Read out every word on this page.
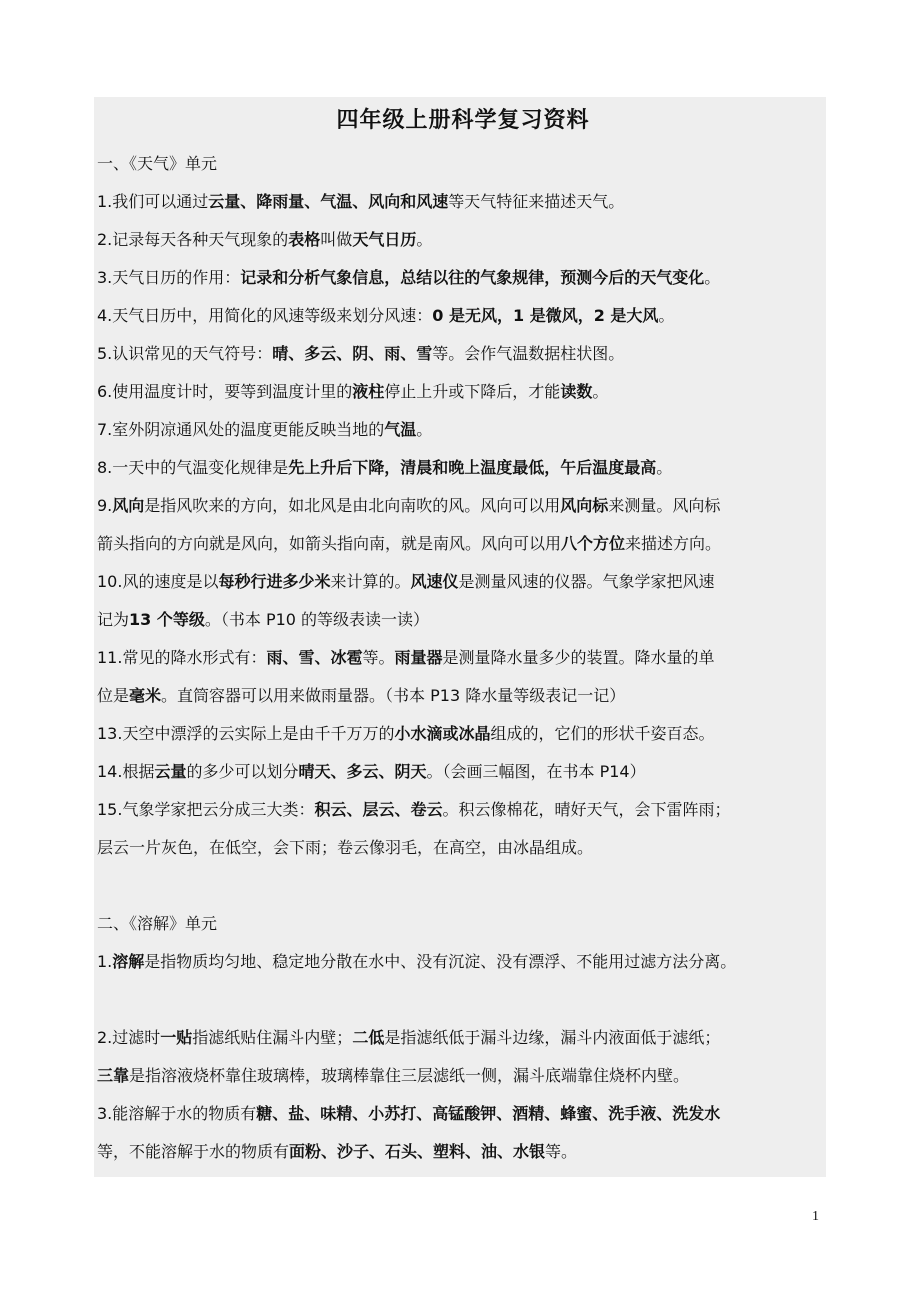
四年级上册科学复习资料
一、《天气》单元
1.我们可以通过云量、降雨量、气温、风向和风速等天气特征来描述天气。
2.记录每天各种天气现象的表格叫做天气日历。
3.天气日历的作用：记录和分析气象信息，总结以往的气象规律，预测今后的天气变化。
4.天气日历中，用简化的风速等级来划分风速：0 是无风，1 是微风，2 是大风。
5.认识常见的天气符号：晴、多云、阴、雨、雪等。会作气温数据柱状图。
6.使用温度计时，要等到温度计里的液柱停止上升或下降后，才能读数。
7.室外阴凉通风处的温度更能反映当地的气温。
8.一天中的气温变化规律是先上升后下降，清晨和晚上温度最低，午后温度最高。
9.风向是指风吹来的方向，如北风是由北向南吹的风。风向可以用风向标来测量。风向标
箭头指向的方向就是风向，如箭头指向南，就是南风。风向可以用八个方位来描述方向。
10.风的速度是以每秒行进多少米来计算的。风速仪是测量风速的仪器。气象学家把风速
记为13 个等级。（书本 P10 的等级表读一读）
11.常见的降水形式有：雨、雪、冰雹等。雨量器是测量降水量多少的装置。降水量的单
位是毫米。直筒容器可以用来做雨量器。（书本 P13 降水量等级表记一记）
13.天空中漂浮的云实际上是由千千万万的小水滴或冰晶组成的，它们的形状千姿百态。
14.根据云量的多少可以划分晴天、多云、阴天。（会画三幅图，在书本 P14）
15.气象学家把云分成三大类：积云、层云、卷云。积云像棉花，晴好天气，会下雷阵雨；
层云一片灰色，在低空，会下雨；卷云像羽毛，在高空，由冰晶组成。
二、《溶解》单元
1.溶解是指物质均匀地、稳定地分散在水中、没有沉淀、没有漂浮、不能用过滤方法分离。
2.过滤时一贴指滤纸贴住漏斗内壁；二低是指滤纸低于漏斗边缘，漏斗内液面低于滤纸；
三靠是指溶液烧杯靠住玻璃棒，玻璃棒靠住三层滤纸一侧，漏斗底端靠住烧杯内壁。
3.能溶解于水的物质有糖、盐、味精、小苏打、高锰酸钾、酒精、蜂蜜、洗手液、洗发水
等，不能溶解于水的物质有面粉、沙子、石头、塑料、油、水银等。
1
